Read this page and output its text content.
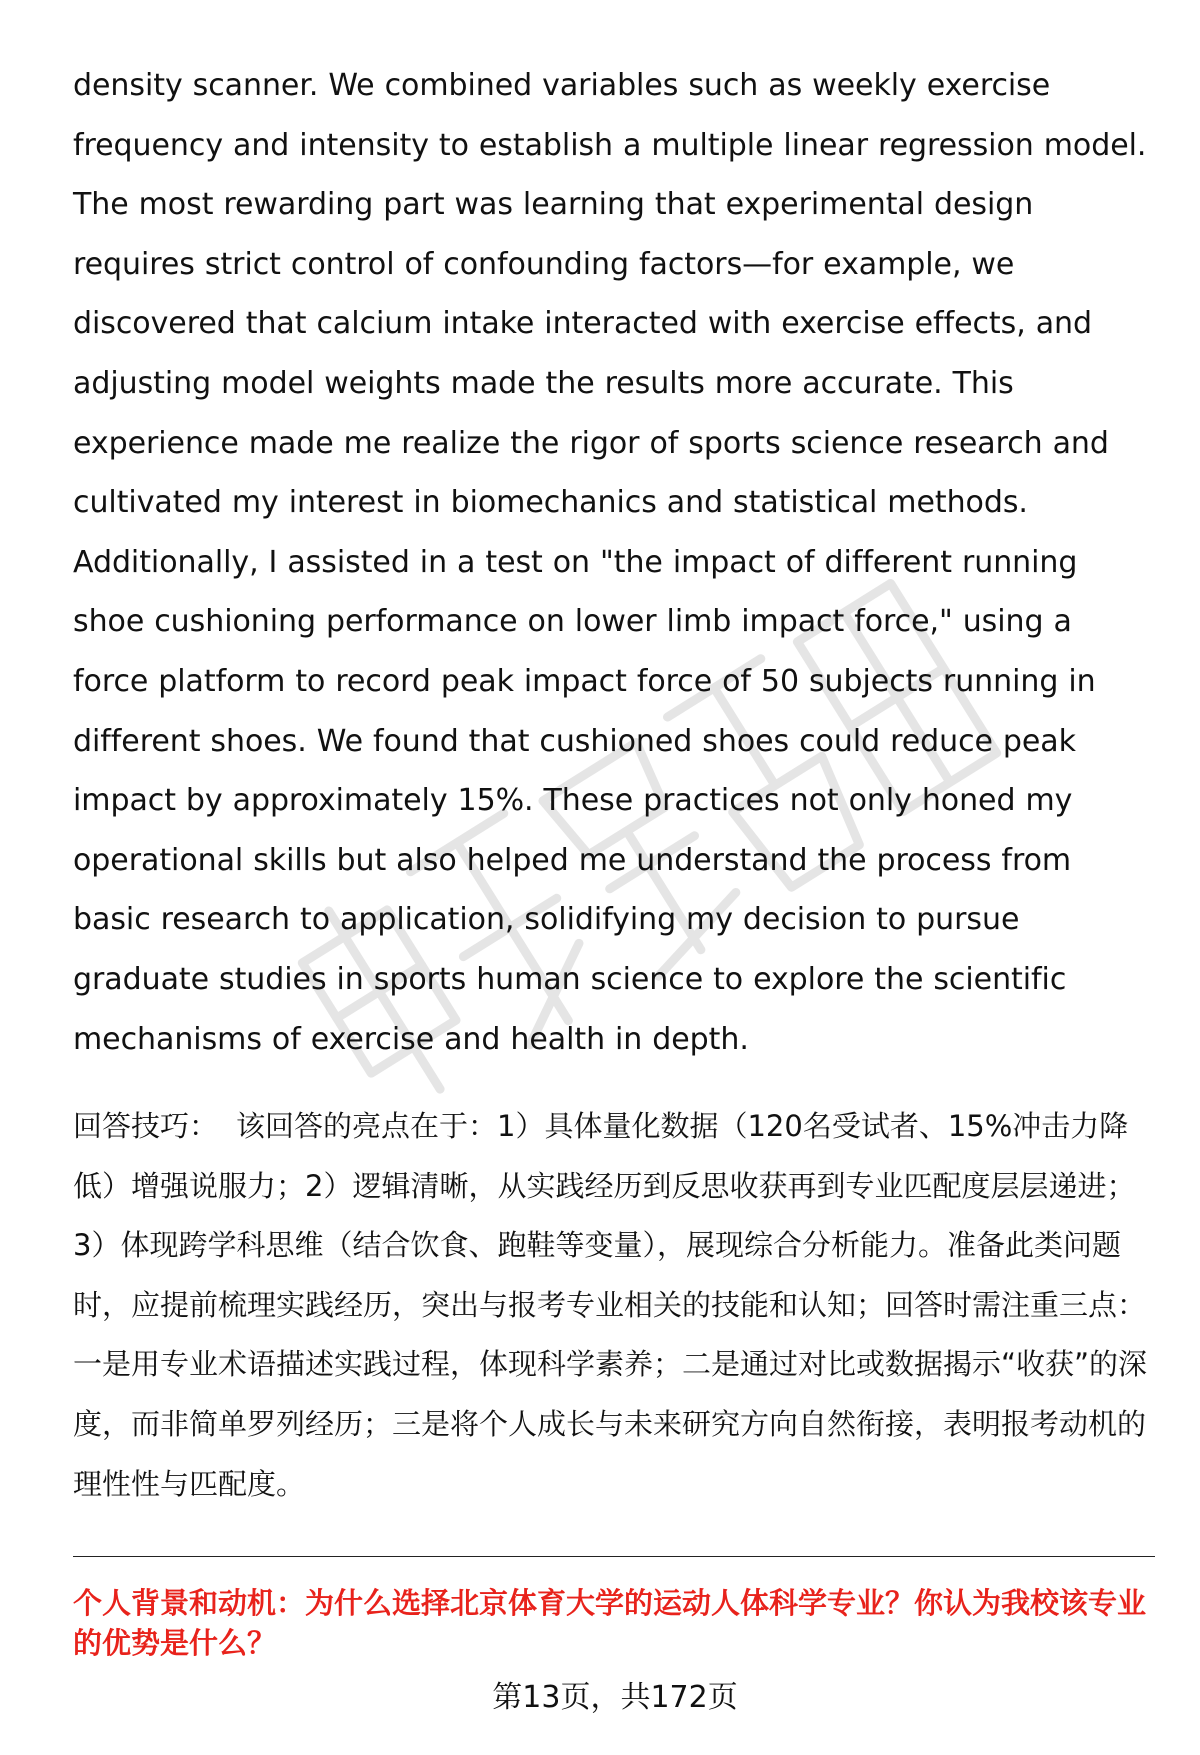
density scanner. We combined variables such as weekly exercise frequency and intensity to establish a multiple linear regression model. The most rewarding part was learning that experimental design requires strict control of confounding factors—for example, we discovered that calcium intake interacted with exercise effects, and adjusting model weights made the results more accurate. This experience made me realize the rigor of sports science research and cultivated my interest in biomechanics and statistical methods. Additionally, I assisted in a test on "the impact of different running shoe cushioning performance on lower limb impact force," using a force platform to record peak impact force of 50 subjects running in different shoes. We found that cushioned shoes could reduce peak impact by approximately 15%. These practices not only honed my operational skills but also helped me understand the process from basic research to application, solidifying my decision to pursue graduate studies in sports human science to explore the scientific mechanisms of exercise and health in depth.

回答技巧： 该回答的亮点在于：1）具体量化数据（120名受试者、15%冲击力降低）增强说服力；2）逻辑清晰，从实践经历到反思收获再到专业匹配度层层递进；3）体现跨学科思维（结合饮食、跑鞋等变量），展现综合分析能力。准备此类问题时，应提前梳理实践经历，突出与报考专业相关的技能和认知；回答时需注重三点：一是用专业术语描述实践过程，体现科学素养；二是通过对比或数据揭示“收获”的深度，而非简单罗列经历；三是将个人成长与未来研究方向自然衔接，表明报考动机的理性性与匹配度。

个人背景和动机：为什么选择北京体育大学的运动人体科学专业？你认为我校该专业的优势是什么？

第13页，共172页
